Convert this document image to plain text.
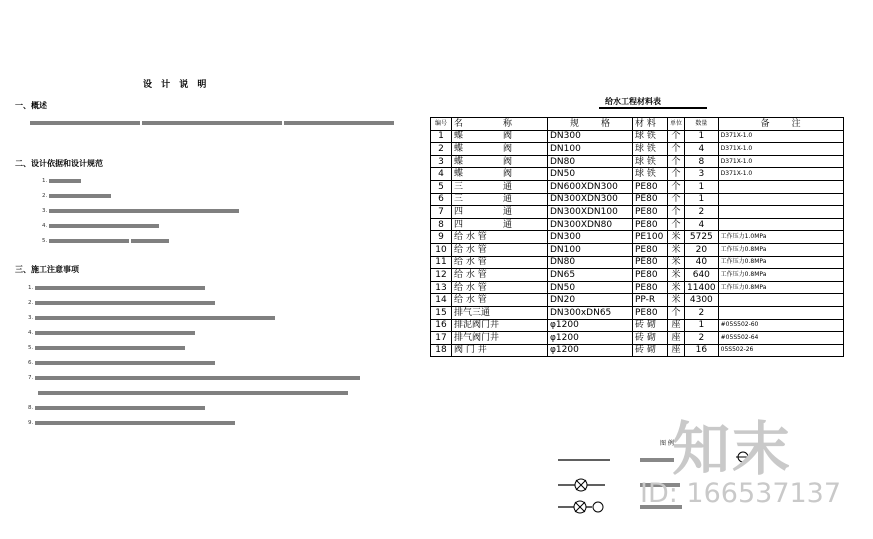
设 计 说 明
一、概述

二、设计依据和设计规范
1.
2.
3.
4.
5.
三、施工注意事项
1.
2.
3.
4.
5.
6.
7.
8.
9.
给水工程材料表
编号	名 称	规 格	材 料	单位	数量	备 注
1	蝶 阀	DN300	球 铁	个	1	D371X-1.0
2	蝶 阀	DN100	球 铁	个	4	D371X-1.0
3	蝶 阀	DN80	球 铁	个	8	D371X-1.0
4	蝶 阀	DN50	球 铁	个	3	D371X-1.0
5	三 通	DN600XDN300	PE80	个	1	
6	三 通	DN300XDN300	PE80	个	1	
7	四 通	DN300XDN100	PE80	个	2	
8	四 通	DN300XDN80	PE80	个	4	
9	给 水 管	DN300	PE100	米	5725	工作压力1.0MPa
10	给 水 管	DN100	PE80	米	20	工作压力0.8MPa
11	给 水 管	DN80	PE80	米	40	工作压力0.8MPa
12	给 水 管	DN65	PE80	米	640	工作压力0.8MPa
13	给 水 管	DN50	PE80	米	11400	工作压力0.8MPa
14	给 水 管	DN20	PP-R	米	4300	
15	排气三通	DN300xDN65	PE80	个	2	
16	排泥阀门井	φ1200	砖 砌	座	1	#05S502-60
17	排气阀门井	φ1200	砖 砌	座	2	#05S502-64
18	阀 门 井	φ1200	砖 砌	座	16	05S502-26
图 例
知末
ID: 166537137
